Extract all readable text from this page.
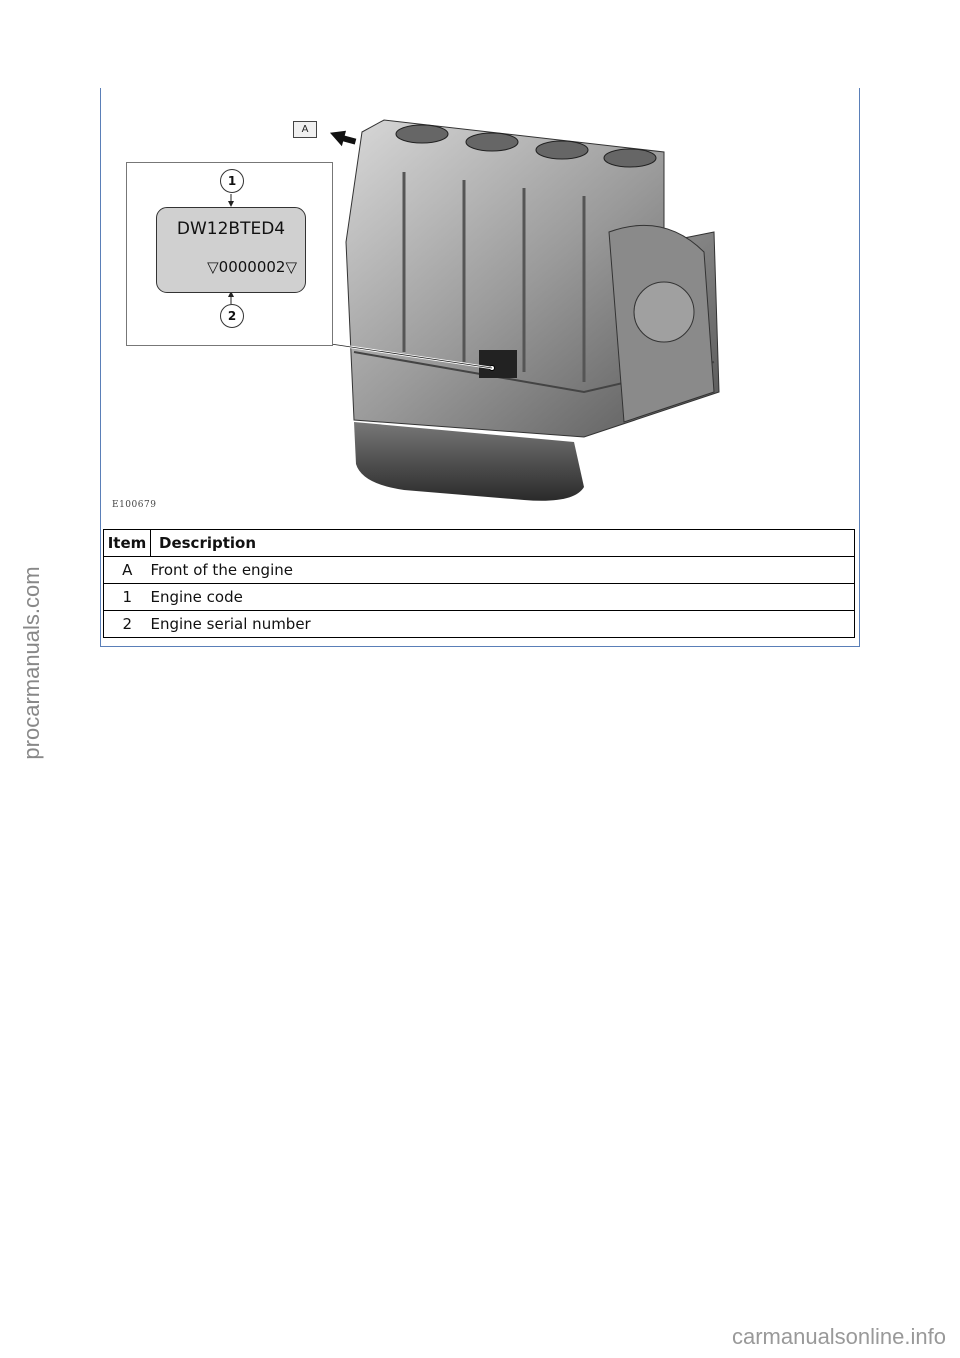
A
1
DW12BTED4
▽0000002▽
2
E100679
Item	Description
A	Front of the engine
1	Engine code
2	Engine serial number
procarmanuals.com
carmanualsonline.info
